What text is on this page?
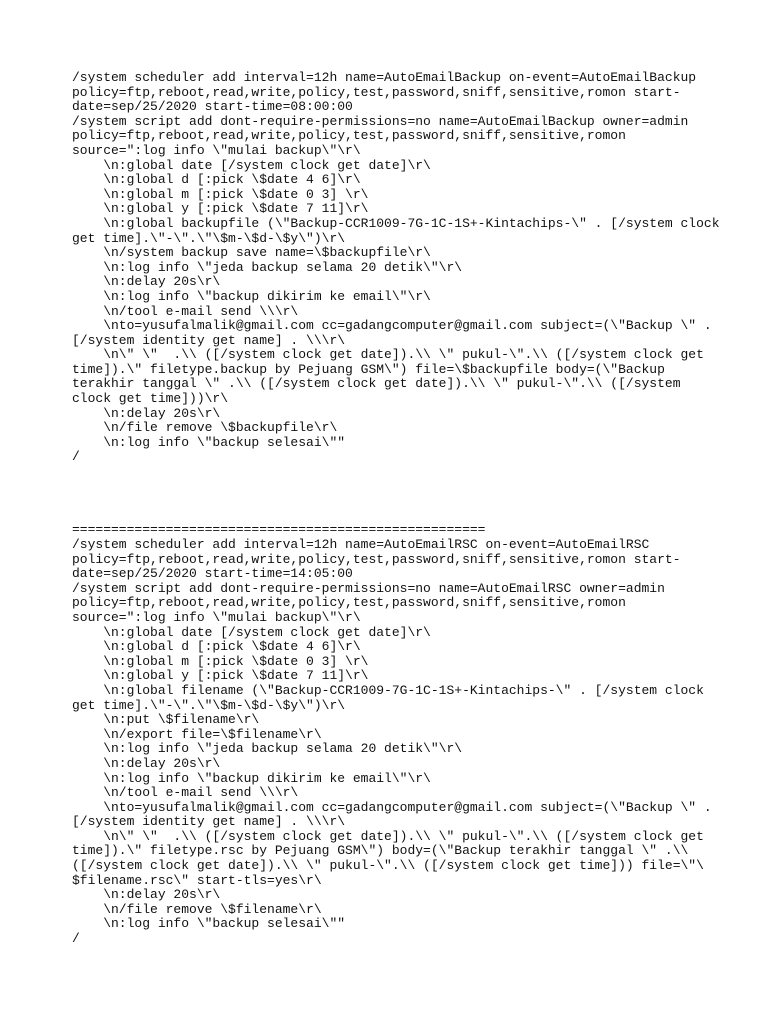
/system scheduler add interval=12h name=AutoEmailBackup on-event=AutoEmailBackup
policy=ftp,reboot,read,write,policy,test,password,sniff,sensitive,romon start-
date=sep/25/2020 start-time=08:00:00
/system script add dont-require-permissions=no name=AutoEmailBackup owner=admin
policy=ftp,reboot,read,write,policy,test,password,sniff,sensitive,romon
source=":log info \"mulai backup\"\r\
\n:global date [/system clock get date]\r\
\n:global d [:pick \$date 4 6]\r\
\n:global m [:pick \$date 0 3] \r\
\n:global y [:pick \$date 7 11]\r\
\n:global backupfile (\"Backup-CCR1009-7G-1C-1S+-Kintachips-\" . [/system clock
get time].\"-\".\"\$m-\$d-\$y\")\r\
\n/system backup save name=\$backupfile\r\
\n:log info \"jeda backup selama 20 detik\"\r\
\n:delay 20s\r\
\n:log info \"backup dikirim ke email\"\r\
\n/tool e-mail send \\\r\
\nto=yusufalmalik@gmail.com cc=gadangcomputer@gmail.com subject=(\"Backup \" .
[/system identity get name] . \\\r\
\n\" \"  .\\ ([/system clock get date]).\\ \" pukul-\".\\ ([/system clock get
time]).\" filetype.backup by Pejuang GSM\") file=\$backupfile body=(\"Backup
terakhir tanggal \" .\\ ([/system clock get date]).\\ \" pukul-\".\\ ([/system
clock get time]))\r\
\n:delay 20s\r\
\n/file remove \$backupfile\r\
\n:log info \"backup selesai\""
/
=====================================================
/system scheduler add interval=12h name=AutoEmailRSC on-event=AutoEmailRSC
policy=ftp,reboot,read,write,policy,test,password,sniff,sensitive,romon start-
date=sep/25/2020 start-time=14:05:00
/system script add dont-require-permissions=no name=AutoEmailRSC owner=admin
policy=ftp,reboot,read,write,policy,test,password,sniff,sensitive,romon
source=":log info \"mulai backup\"\r\
\n:global date [/system clock get date]\r\
\n:global d [:pick \$date 4 6]\r\
\n:global m [:pick \$date 0 3] \r\
\n:global y [:pick \$date 7 11]\r\
\n:global filename (\"Backup-CCR1009-7G-1C-1S+-Kintachips-\" . [/system clock
get time].\"-\".\"\$m-\$d-\$y\")\r\
\n:put \$filename\r\
\n/export file=\$filename\r\
\n:log info \"jeda backup selama 20 detik\"\r\
\n:delay 20s\r\
\n:log info \"backup dikirim ke email\"\r\
\n/tool e-mail send \\\r\
\nto=yusufalmalik@gmail.com cc=gadangcomputer@gmail.com subject=(\"Backup \" .
[/system identity get name] . \\\r\
\n\" \"  .\\ ([/system clock get date]).\\ \" pukul-\".\\ ([/system clock get
time]).\" filetype.rsc by Pejuang GSM\") body=(\"Backup terakhir tanggal \" .\\
([/system clock get date]).\\ \" pukul-\".\\ ([/system clock get time])) file=\"\
$filename.rsc\" start-tls=yes\r\
\n:delay 20s\r\
\n/file remove \$filename\r\
\n:log info \"backup selesai\""
/
